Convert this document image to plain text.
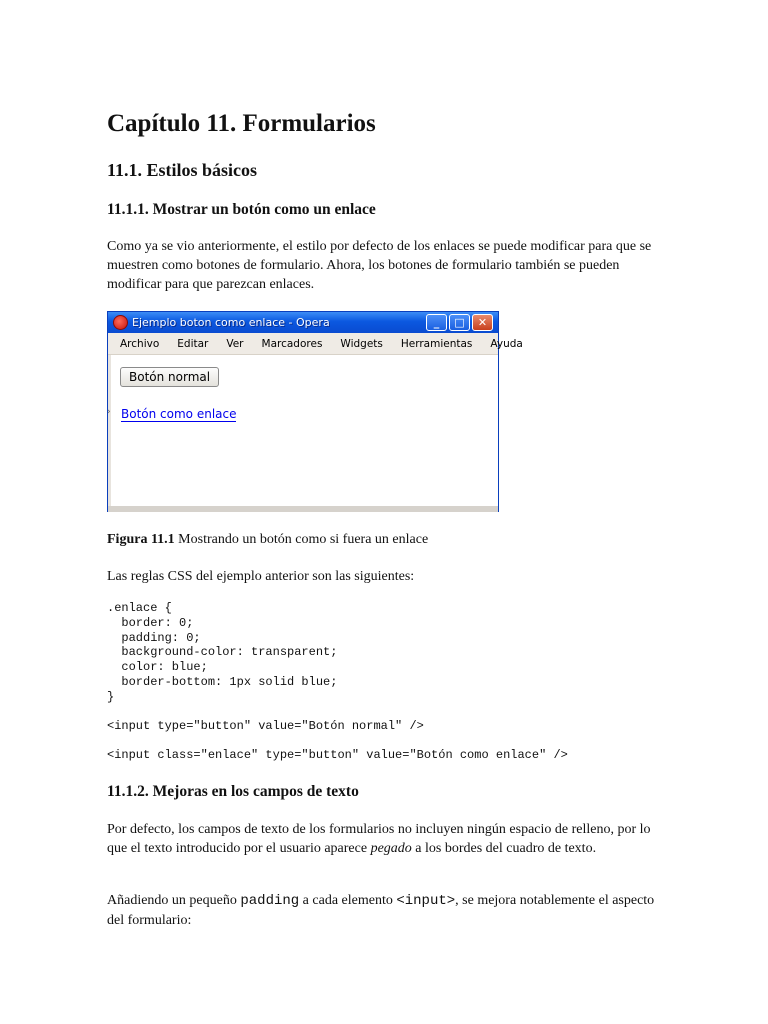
Capítulo 11. Formularios
11.1. Estilos básicos
11.1.1. Mostrar un botón como un enlace

Como ya se vio anteriormente, el estilo por defecto de los enlaces se puede modificar para que se muestren como botones de formulario. Ahora, los botones de formulario también se pueden modificar para que parezcan enlaces.

Figura 11.1 Mostrando un botón como si fuera un enlace

Las reglas CSS del ejemplo anterior son las siguientes:

.enlace {
border: 0;
padding: 0;
background-color: transparent;
color: blue;
border-bottom: 1px solid blue;
}
<input type="button" value="Botón normal" />
<input class="enlace" type="button" value="Botón como enlace" />
11.1.2. Mejoras en los campos de texto

Por defecto, los campos de texto de los formularios no incluyen ningún espacio de relleno, por lo que el texto introducido por el usuario aparece pegado a los bordes del cuadro de texto.

Añadiendo un pequeño padding a cada elemento <input>, se mejora notablemente el aspecto del formulario:

Ejemplo boton como enlace - Opera	_	□	✕
Archivo Editar Ver Marcadores Widgets Herramientas Ayuda
›
Botón normal
Botón como enlace
